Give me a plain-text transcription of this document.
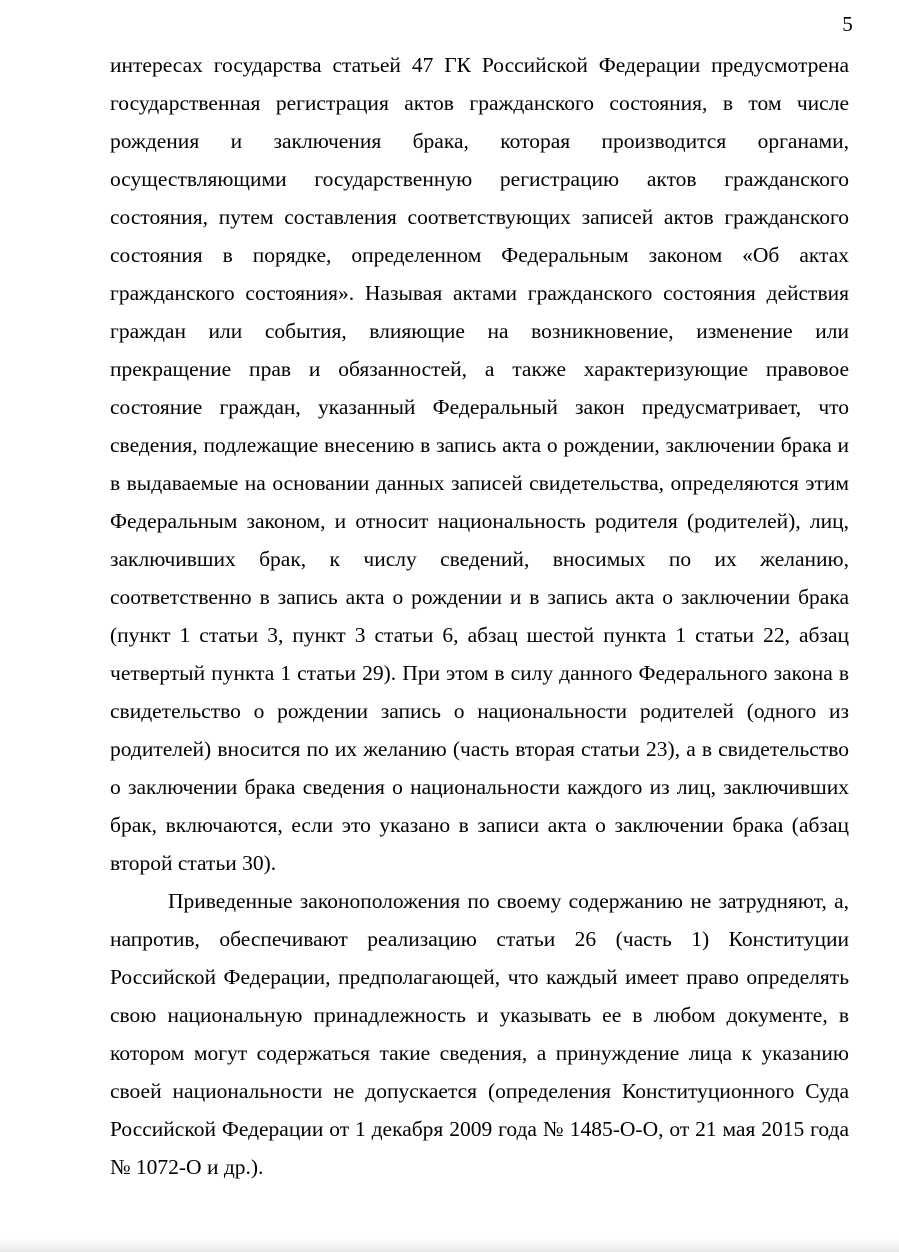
5

интересах государства статьей 47 ГК Российской Федерации предусмотрена государственная регистрация актов гражданского состояния, в том числе рождения и заключения брака, которая производится органами, осуществляющими государственную регистрацию актов гражданского состояния, путем составления соответствующих записей актов гражданского состояния в порядке, определенном Федеральным законом «Об актах гражданского состояния». Называя актами гражданского состояния действия граждан или события, влияющие на возникновение, изменение или прекращение прав и обязанностей, а также характеризующие правовое состояние граждан, указанный Федеральный закон предусматривает, что сведения, подлежащие внесению в запись акта о рождении, заключении брака и в выдаваемые на основании данных записей свидетельства, определяются этим Федеральным законом, и относит национальность родителя (родителей), лиц, заключивших брак, к числу сведений, вносимых по их желанию, соответственно в запись акта о рождении и в запись акта о заключении брака (пункт 1 статьи 3, пункт 3 статьи 6, абзац шестой пункта 1 статьи 22, абзац четвертый пункта 1 статьи 29). При этом в силу данного Федерального закона в свидетельство о рождении запись о национальности родителей (одного из родителей) вносится по их желанию (часть вторая статьи 23), а в свидетельство о заключении брака сведения о национальности каждого из лиц, заключивших брак, включаются, если это указано в записи акта о заключении брака (абзац второй статьи 30).

Приведенные законоположения по своему содержанию не затрудняют, а, напротив, обеспечивают реализацию статьи 26 (часть 1) Конституции Российской Федерации, предполагающей, что каждый имеет право определять свою национальную принадлежность и указывать ее в любом документе, в котором могут содержаться такие сведения, а принуждение лица к указанию своей национальности не допускается (определения Конституционного Суда Российской Федерации от 1 декабря 2009 года № 1485-О-О, от 21 мая 2015 года № 1072-О и др.).
